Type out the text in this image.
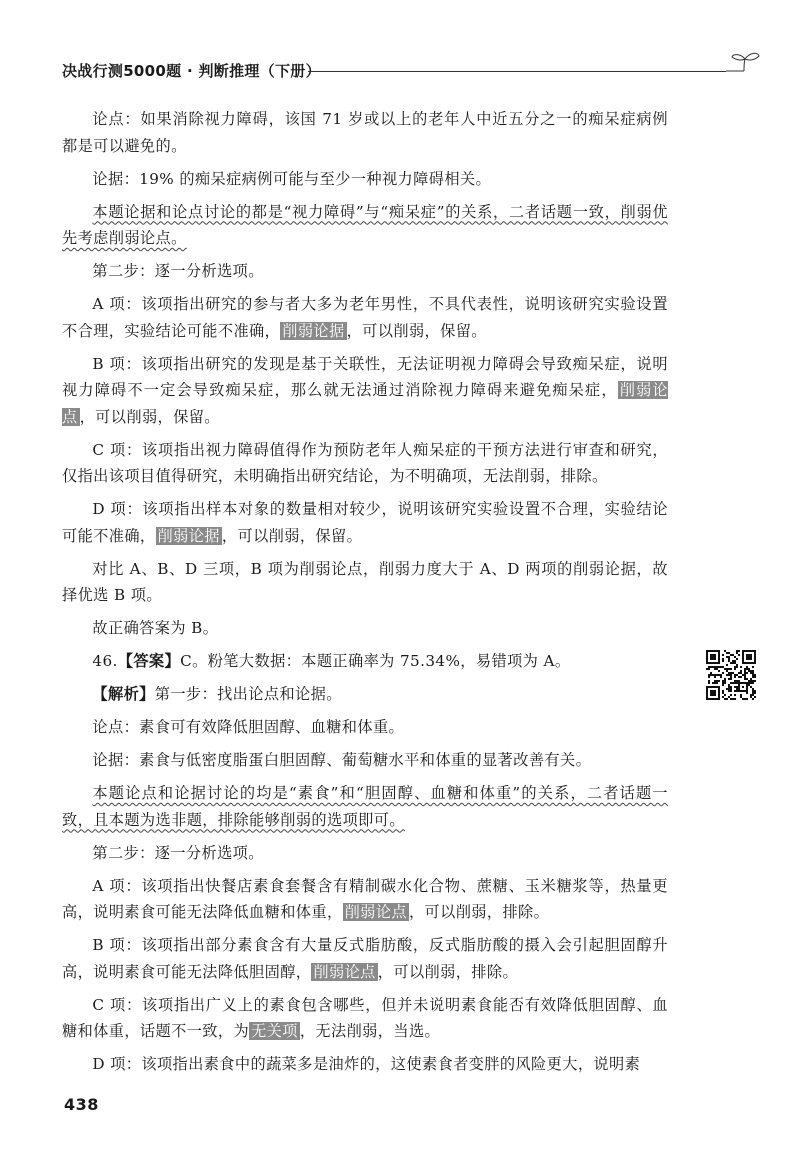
决战行测5000题 · 判断推理（下册）

论点：如果消除视力障碍，该国 71 岁或以上的老年人中近五分之一的痴呆症病例都是可以避免的。

论据：19% 的痴呆症病例可能与至少一种视力障碍相关。

本题论据和论点讨论的都是“视力障碍”与“痴呆症”的关系，二者话题一致，削弱优先考虑削弱论点。

第二步：逐一分析选项。

A 项：该项指出研究的参与者大多为老年男性，不具代表性，说明该研究实验设置不合理，实验结论可能不准确， 削弱论据 ，可以削弱，保留。

B 项：该项指出研究的发现是基于关联性，无法证明视力障碍会导致痴呆症，说明视力障碍不一定会导致痴呆症，那么就无法通过消除视力障碍来避免痴呆症， 削弱论点 ，可以削弱，保留。

C 项：该项指出视力障碍值得作为预防老年人痴呆症的干预方法进行审查和研究，仅指出该项目值得研究，未明确指出研究结论，为不明确项，无法削弱，排除。

D 项：该项指出样本对象的数量相对较少，说明该研究实验设置不合理，实验结论可能不准确， 削弱论据 ，可以削弱，保留。

对比 A、B、D 三项，B 项为削弱论点，削弱力度大于 A、D 两项的削弱论据，故择优选 B 项。

故正确答案为 B。

46.【答案】C。粉笔大数据：本题正确率为 75.34%，易错项为 A。

【解析】第一步：找出论点和论据。

论点：素食可有效降低胆固醇、血糖和体重。

论据：素食与低密度脂蛋白胆固醇、葡萄糖水平和体重的显著改善有关。

本题论点和论据讨论的均是“素食”和“胆固醇、血糖和体重”的关系，二者话题一致，且本题为选非题，排除能够削弱的选项即可。

第二步：逐一分析选项。

A 项：该项指出快餐店素食套餐含有精制碳水化合物、蔗糖、玉米糖浆等，热量更高，说明素食可能无法降低血糖和体重， 削弱论点 ，可以削弱，排除。

B 项：该项指出部分素食含有大量反式脂肪酸，反式脂肪酸的摄入会引起胆固醇升高，说明素食可能无法降低胆固醇， 削弱论点 ，可以削弱，排除。

C 项：该项指出广义上的素食包含哪些，但并未说明素食能否有效降低胆固醇、血糖和体重，话题不一致，为 无关项 ，无法削弱，当选。

D 项：该项指出素食中的蔬菜多是油炸的，这使素食者变胖的风险更大，说明素

438
